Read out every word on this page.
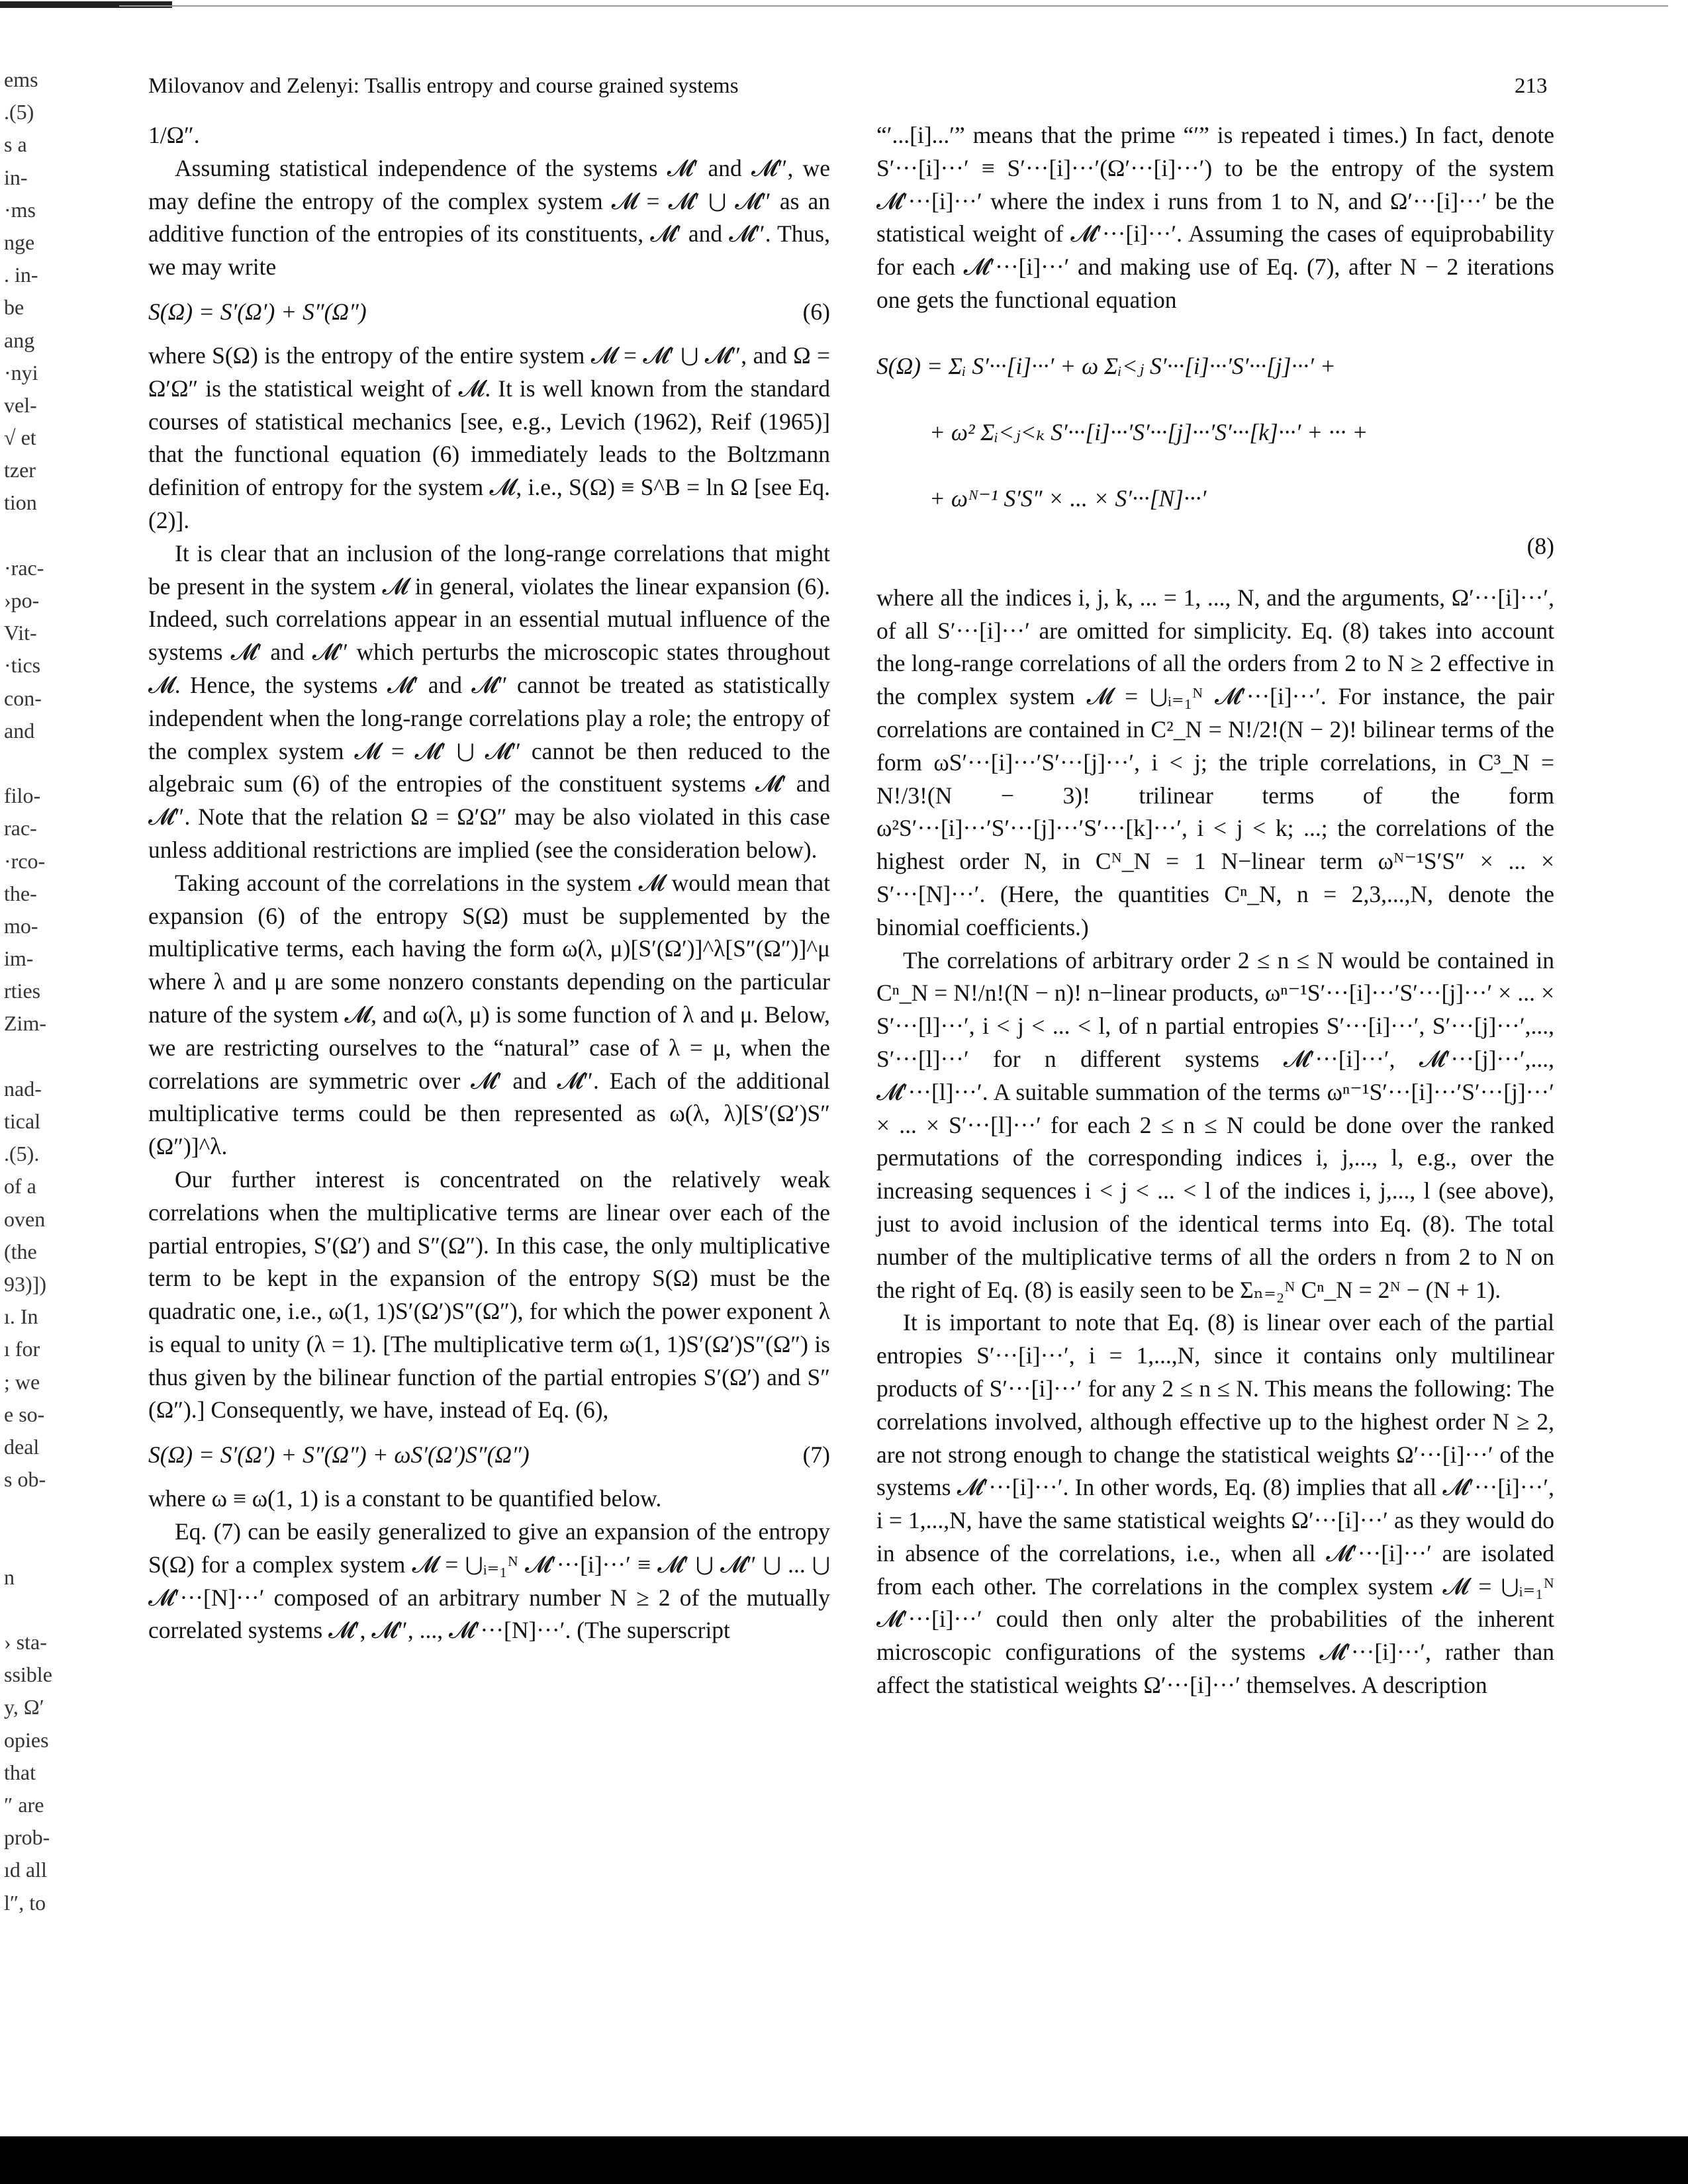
Milovanov and Zelenyi: Tsallis entropy and course grained systems	213
ems
.(5)
s a
in-
·ms
nge
. in-
be
ang
·nyi
vel-
√ et
tzer
tion
·rac-
›po-
Vit-
·tics
con-
and
filo-
rac-
·rco-
the-
mo-
im-
rties
Zim-
nad-
tical
.(5).
of a
oven
(the
93)])
ı. In
ı for
; we
e so-
deal
s ob-
n
› sta-
ssible
y, Ω′
opies
that
″ are
prob-
ıd all
l″, to

1/Ω″.

Assuming statistical independence of the systems 𝓜′ and 𝓜″, we may define the entropy of the complex system 𝓜 = 𝓜′ ⋃ 𝓜″ as an additive function of the entropies of its constituents, 𝓜′ and 𝓜″. Thus, we may write

S(Ω) = S′(Ω′) + S″(Ω″)	(6)

where S(Ω) is the entropy of the entire system 𝓜 = 𝓜′ ⋃ 𝓜″, and Ω = Ω′Ω″ is the statistical weight of 𝓜. It is well known from the standard courses of statistical mechanics [see, e.g., Levich (1962), Reif (1965)] that the functional equation (6) immediately leads to the Boltzmann definition of entropy for the system 𝓜, i.e., S(Ω) ≡ S^B = ln Ω [see Eq. (2)].

It is clear that an inclusion of the long-range correlations that might be present in the system 𝓜 in general, violates the linear expansion (6). Indeed, such correlations appear in an essential mutual influence of the systems 𝓜′ and 𝓜″ which perturbs the microscopic states throughout 𝓜. Hence, the systems 𝓜′ and 𝓜″ cannot be treated as statistically independent when the long-range correlations play a role; the entropy of the complex system 𝓜 = 𝓜′ ⋃ 𝓜″ cannot be then reduced to the algebraic sum (6) of the entropies of the constituent systems 𝓜′ and 𝓜″. Note that the relation Ω = Ω′Ω″ may be also violated in this case unless additional restrictions are implied (see the consideration below).

Taking account of the correlations in the system 𝓜 would mean that expansion (6) of the entropy S(Ω) must be supplemented by the multiplicative terms, each having the form ω(λ, μ)[S′(Ω′)]^λ[S″(Ω″)]^μ where λ and μ are some nonzero constants depending on the particular nature of the system 𝓜, and ω(λ, μ) is some function of λ and μ. Below, we are restricting ourselves to the “natural” case of λ = μ, when the correlations are symmetric over 𝓜′ and 𝓜″. Each of the additional multiplicative terms could be then represented as ω(λ, λ)[S′(Ω′)S″(Ω″)]^λ.

Our further interest is concentrated on the relatively weak correlations when the multiplicative terms are linear over each of the partial entropies, S′(Ω′) and S″(Ω″). In this case, the only multiplicative term to be kept in the expansion of the entropy S(Ω) must be the quadratic one, i.e., ω(1, 1)S′(Ω′)S″(Ω″), for which the power exponent λ is equal to unity (λ = 1). [The multiplicative term ω(1, 1)S′(Ω′)S″(Ω″) is thus given by the bilinear function of the partial entropies S′(Ω′) and S″(Ω″).] Consequently, we have, instead of Eq. (6),

S(Ω) = S′(Ω′) + S″(Ω″) + ωS′(Ω′)S″(Ω″)	(7)

where ω ≡ ω(1, 1) is a constant to be quantified below.

Eq. (7) can be easily generalized to give an expansion of the entropy S(Ω) for a complex system 𝓜 = ⋃ᵢ₌₁ᴺ 𝓜′···[i]···′ ≡ 𝓜′ ⋃ 𝓜″ ⋃ ... ⋃ 𝓜′···[N]···′ composed of an arbitrary number N ≥ 2 of the mutually correlated systems 𝓜′, 𝓜″, ..., 𝓜′···[N]···′. (The superscript

“′...[i]...′” means that the prime “′” is repeated i times.) In fact, denote S′···[i]···′ ≡ S′···[i]···′(Ω′···[i]···′) to be the entropy of the system 𝓜′···[i]···′ where the index i runs from 1 to N, and Ω′···[i]···′ be the statistical weight of 𝓜′···[i]···′. Assuming the cases of equiprobability for each 𝓜′···[i]···′ and making use of Eq. (7), after N − 2 iterations one gets the functional equation

S(Ω) = Σᵢ S′···[i]···′ + ω Σᵢ<ⱼ S′···[i]···′S′···[j]···′ +
+ ω² Σᵢ<ⱼ<ₖ S′···[i]···′S′···[j]···′S′···[k]···′ + ··· +
+ ωᴺ⁻¹ S′S″ × ... × S′···[N]···′
(8)

where all the indices i, j, k, ... = 1, ..., N, and the arguments, Ω′···[i]···′, of all S′···[i]···′ are omitted for simplicity. Eq. (8) takes into account the long-range correlations of all the orders from 2 to N ≥ 2 effective in the complex system 𝓜 = ⋃ᵢ₌₁ᴺ 𝓜′···[i]···′. For instance, the pair correlations are contained in C²_N = N!/2!(N − 2)! bilinear terms of the form ωS′···[i]···′S′···[j]···′, i < j; the triple correlations, in C³_N = N!/3!(N − 3)! trilinear terms of the form ω²S′···[i]···′S′···[j]···′S′···[k]···′, i < j < k; ...; the correlations of the highest order N, in Cᴺ_N = 1 N−linear term ωᴺ⁻¹S′S″ × ... × S′···[N]···′. (Here, the quantities Cⁿ_N, n = 2,3,...,N, denote the binomial coefficients.)

The correlations of arbitrary order 2 ≤ n ≤ N would be contained in Cⁿ_N = N!/n!(N − n)! n−linear products, ωⁿ⁻¹S′···[i]···′S′···[j]···′ × ... × S′···[l]···′, i < j < ... < l, of n partial entropies S′···[i]···′, S′···[j]···′,..., S′···[l]···′ for n different systems 𝓜′···[i]···′, 𝓜′···[j]···′,..., 𝓜′···[l]···′. A suitable summation of the terms ωⁿ⁻¹S′···[i]···′S′···[j]···′ × ... × S′···[l]···′ for each 2 ≤ n ≤ N could be done over the ranked permutations of the corresponding indices i, j,..., l, e.g., over the increasing sequences i < j < ... < l of the indices i, j,..., l (see above), just to avoid inclusion of the identical terms into Eq. (8). The total number of the multiplicative terms of all the orders n from 2 to N on the right of Eq. (8) is easily seen to be Σₙ₌₂ᴺ Cⁿ_N = 2ᴺ − (N + 1).

It is important to note that Eq. (8) is linear over each of the partial entropies S′···[i]···′, i = 1,...,N, since it contains only multilinear products of S′···[i]···′ for any 2 ≤ n ≤ N. This means the following: The correlations involved, although effective up to the highest order N ≥ 2, are not strong enough to change the statistical weights Ω′···[i]···′ of the systems 𝓜′···[i]···′. In other words, Eq. (8) implies that all 𝓜′···[i]···′, i = 1,...,N, have the same statistical weights Ω′···[i]···′ as they would do in absence of the correlations, i.e., when all 𝓜′···[i]···′ are isolated from each other. The correlations in the complex system 𝓜 = ⋃ᵢ₌₁ᴺ 𝓜′···[i]···′ could then only alter the probabilities of the inherent microscopic configurations of the systems 𝓜′···[i]···′, rather than affect the statistical weights Ω′···[i]···′ themselves. A description
